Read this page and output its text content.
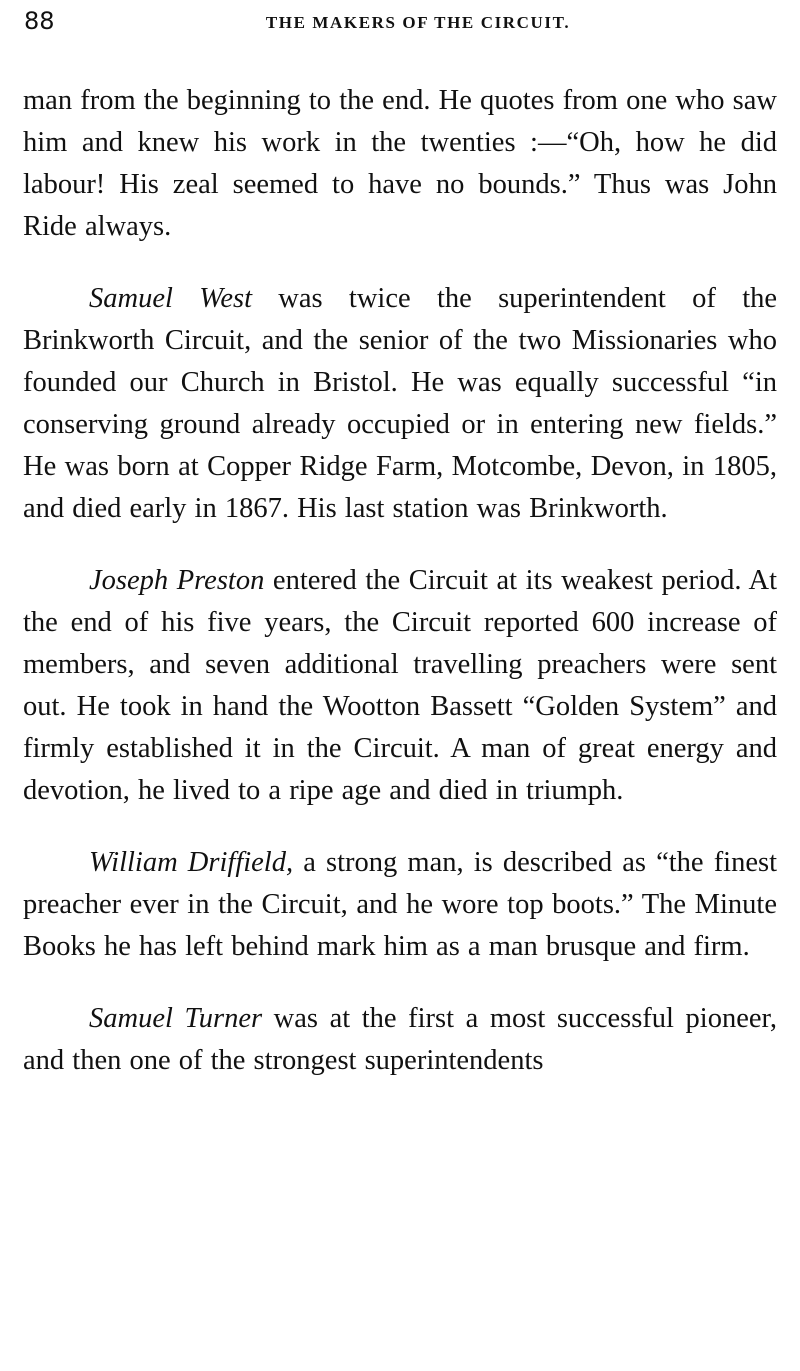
88	THE MAKERS OF THE CIRCUIT.

man from the beginning to the end. He quotes from one who saw him and knew his work in the twenties :—“Oh, how he did labour! His zeal seemed to have no bounds.” Thus was John Ride always.

Samuel West was twice the superintendent of the Brinkworth Circuit, and the senior of the two Missionaries who founded our Church in Bristol. He was equally successful “in conserving ground already occupied or in entering new fields.” He was born at Copper Ridge Farm, Motcombe, Devon, in 1805, and died early in 1867. His last station was Brinkworth.

Joseph Preston entered the Circuit at its weakest period. At the end of his five years, the Circuit reported 600 increase of members, and seven additional travelling preachers were sent out. He took in hand the Wootton Bassett “Golden System” and firmly established it in the Circuit. A man of great energy and devotion, he lived to a ripe age and died in triumph.

William Driffield, a strong man, is described as “the finest preacher ever in the Circuit, and he wore top boots.” The Minute Books he has left behind mark him as a man brusque and firm.

Samuel Turner was at the first a most successful pioneer, and then one of the strongest superintendents
